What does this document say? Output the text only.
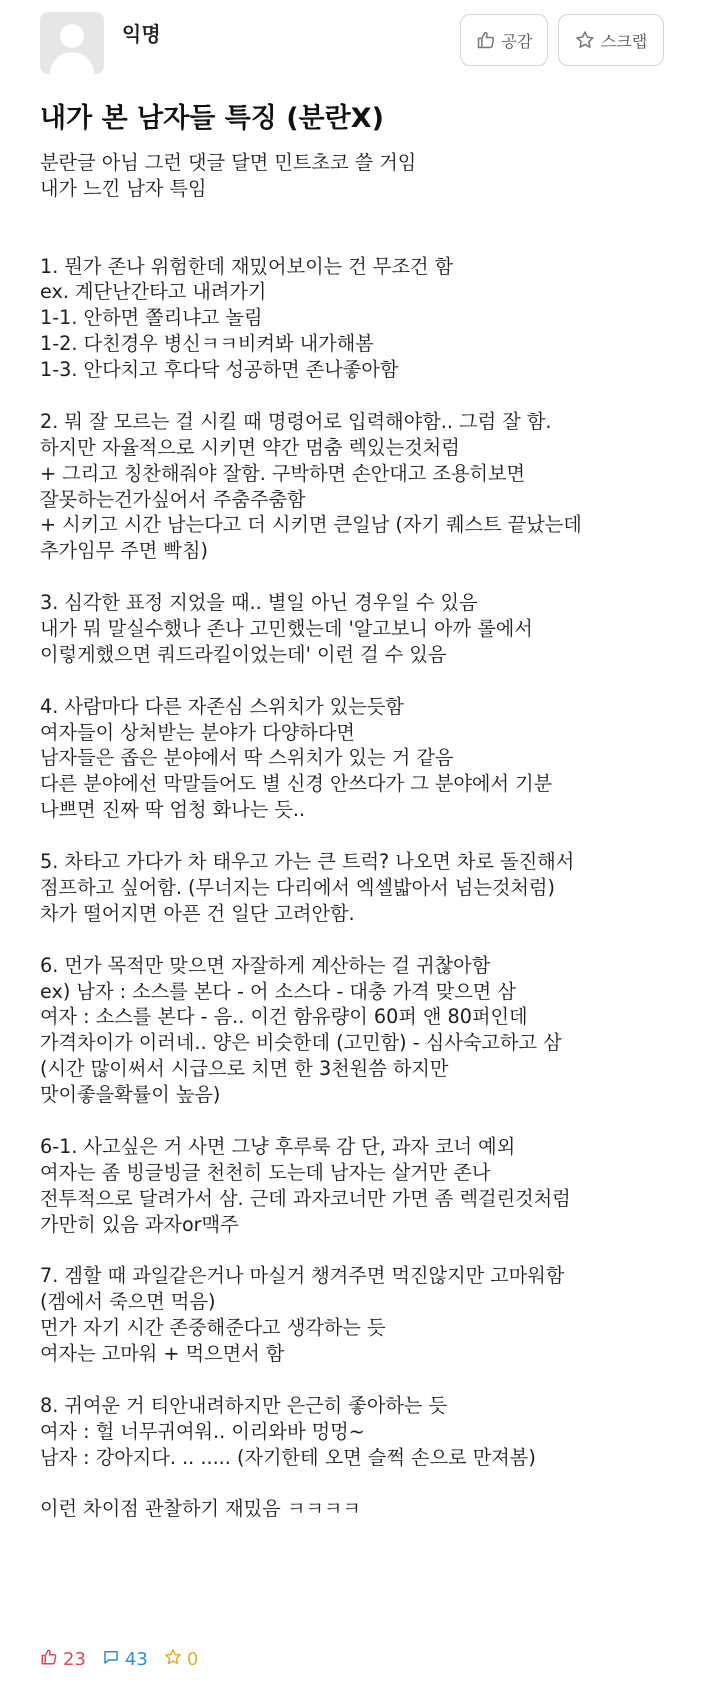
익명	공감	스크랩
내가 본 남자들 특징 (분란X)
분란글 아님 그런 댓글 달면 민트초코 쓸 거임
내가 느낀 남자 특임
1. 뭔가 존나 위험한데 재밌어보이는 건 무조건 함
ex. 계단난간타고 내려가기
1-1. 안하면 쫄리냐고 놀림
1-2. 다친경우 병신ㅋㅋ비켜봐 내가해봄
1-3. 안다치고 후다닥 성공하면 존나좋아함
2. 뭐 잘 모르는 걸 시킬 때 명령어로 입력해야함.. 그럼 잘 함.
하지만 자율적으로 시키면 약간 멈춤 렉있는것처럼
+ 그리고 칭찬해줘야 잘함. 구박하면 손안대고 조용히보면
잘못하는건가싶어서 주춤주춤함
+ 시키고 시간 남는다고 더 시키면 큰일남 (자기 퀘스트 끝났는데
추가임무 주면 빡침)
3. 심각한 표정 지었을 때.. 별일 아닌 경우일 수 있음
내가 뭐 말실수했나 존나 고민했는데 '알고보니 아까 롤에서
이렇게했으면 쿼드라킬이었는데' 이런 걸 수 있음
4. 사람마다 다른 자존심 스위치가 있는듯함
여자들이 상처받는 분야가 다양하다면
남자들은 좁은 분야에서 딱 스위치가 있는 거 같음
다른 분야에선 막말들어도 별 신경 안쓰다가 그 분야에서 기분
나쁘면 진짜 딱 엄청 화나는 듯..
5. 차타고 가다가 차 태우고 가는 큰 트럭? 나오면 차로 돌진해서
점프하고 싶어함. (무너지는 다리에서 엑셀밟아서 넘는것처럼)
차가 떨어지면 아픈 건 일단 고려안함.
6. 먼가 목적만 맞으면 자잘하게 계산하는 걸 귀찮아함
ex) 남자 : 소스를 본다 - 어 소스다 - 대충 가격 맞으면 삼
여자 : 소스를 본다 - 음.. 이건 함유량이 60퍼 앤 80퍼인데
가격차이가 이러네.. 양은 비슷한데 (고민함) - 심사숙고하고 삼
(시간 많이써서 시급으로 치면 한 3천원씀 하지만
맛이좋을확률이 높음)
6-1. 사고싶은 거 사면 그냥 후루룩 감 단, 과자 코너 예외
여자는 좀 빙글빙글 천천히 도는데 남자는 살거만 존나
전투적으로 달려가서 삼. 근데 과자코너만 가면 좀 렉걸린것처럼
가만히 있음 과자or맥주
7. 겜할 때 과일같은거나 마실거 챙겨주면 먹진않지만 고마워함
(겜에서 죽으면 먹음)
먼가 자기 시간 존중해준다고 생각하는 듯
여자는 고마워 + 먹으면서 함
8. 귀여운 거 티안내려하지만 은근히 좋아하는 듯
여자 : 헐 너무귀여워.. 이리와바 멍멍~
남자 : 강아지다. .. ..... (자기한테 오면 슬쩍 손으로 만져봄)
이런 차이점 관찰하기 재밌음 ㅋㅋㅋㅋ
23 43 0
